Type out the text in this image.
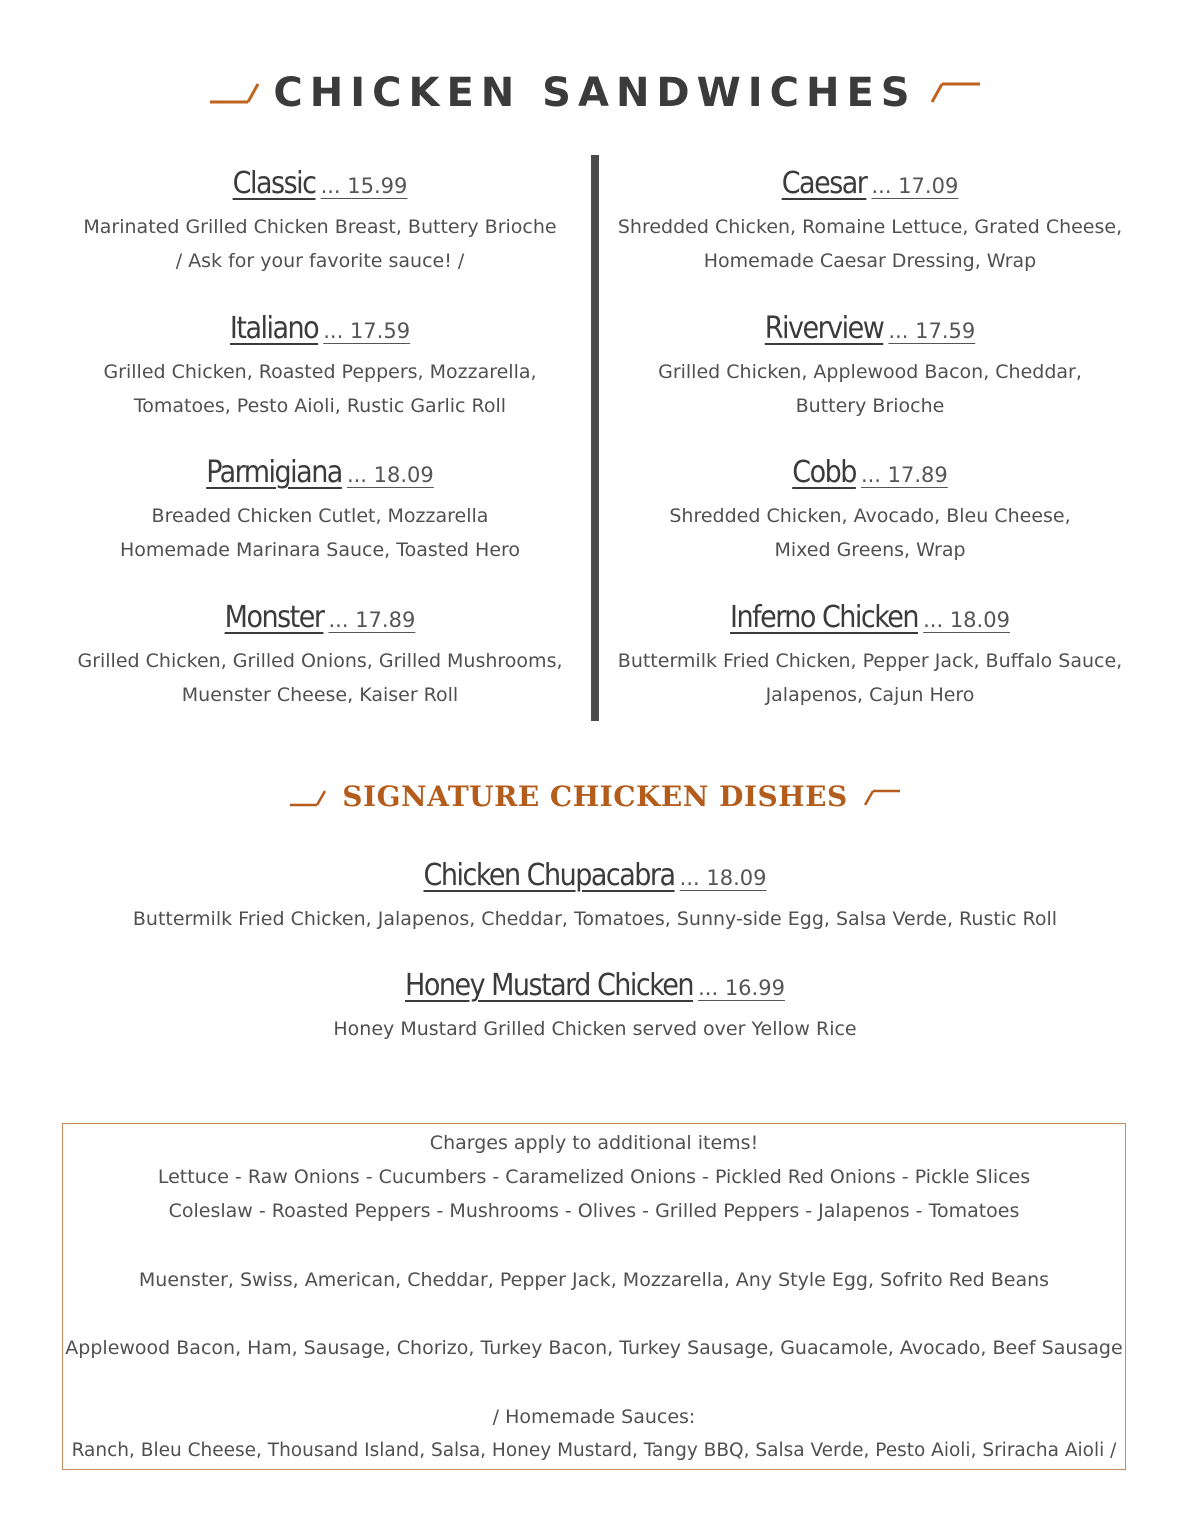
CHICKEN SANDWICHES
Classic ... 15.99
Marinated Grilled Chicken Breast, Buttery Brioche
/ Ask for your favorite sauce! /
Italiano ... 17.59
Grilled Chicken, Roasted Peppers, Mozzarella,
Tomatoes, Pesto Aioli, Rustic Garlic Roll
Parmigiana ... 18.09
Breaded Chicken Cutlet, Mozzarella
Homemade Marinara Sauce, Toasted Hero
Monster ... 17.89
Grilled Chicken, Grilled Onions, Grilled Mushrooms,
Muenster Cheese, Kaiser Roll
Caesar ... 17.09
Shredded Chicken, Romaine Lettuce, Grated Cheese,
Homemade Caesar Dressing, Wrap
Riverview ... 17.59
Grilled Chicken, Applewood Bacon, Cheddar,
Buttery Brioche
Cobb ... 17.89
Shredded Chicken, Avocado, Bleu Cheese,
Mixed Greens, Wrap
Inferno Chicken ... 18.09
Buttermilk Fried Chicken, Pepper Jack, Buffalo Sauce,
Jalapenos, Cajun Hero
SIGNATURE CHICKEN DISHES
Chicken Chupacabra ... 18.09
Buttermilk Fried Chicken, Jalapenos, Cheddar, Tomatoes, Sunny-side Egg, Salsa Verde, Rustic Roll
Honey Mustard Chicken ... 16.99
Honey Mustard Grilled Chicken served over Yellow Rice
Charges apply to additional items!
Lettuce - Raw Onions - Cucumbers - Caramelized Onions - Pickled Red Onions - Pickle Slices
Coleslaw - Roasted Peppers - Mushrooms - Olives - Grilled Peppers - Jalapenos - Tomatoes
Muenster, Swiss, American, Cheddar, Pepper Jack, Mozzarella, Any Style Egg, Sofrito Red Beans
Applewood Bacon, Ham, Sausage, Chorizo, Turkey Bacon, Turkey Sausage, Guacamole, Avocado, Beef Sausage
/ Homemade Sauces:
Ranch, Bleu Cheese, Thousand Island, Salsa, Honey Mustard, Tangy BBQ, Salsa Verde, Pesto Aioli, Sriracha Aioli /
